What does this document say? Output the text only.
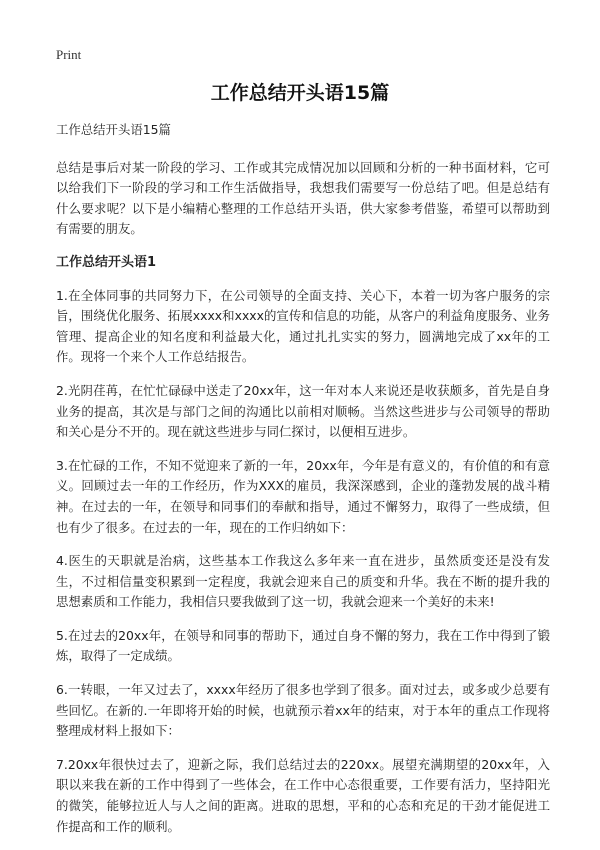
Print
工作总结开头语15篇

工作总结开头语15篇

总结是事后对某一阶段的学习、工作或其完成情况加以回顾和分析的一种书面材料，它可以给我们下一阶段的学习和工作生活做指导，我想我们需要写一份总结了吧。但是总结有什么要求呢？以下是小编精心整理的工作总结开头语，供大家参考借鉴，希望可以帮助到有需要的朋友。

工作总结开头语1

1.在全体同事的共同努力下，在公司领导的全面支持、关心下，本着一切为客户服务的宗旨，围绕优化服务、拓展xxxx和xxxx的宣传和信息的功能，从客户的利益角度服务、业务管理、提高企业的知名度和利益最大化，通过扎扎实实的努力，圆满地完成了xx年的工作。现将一个来个人工作总结报告。

2.光阴荏苒，在忙忙碌碌中送走了20xx年，这一年对本人来说还是收获颇多，首先是自身业务的提高，其次是与部门之间的沟通比以前相对顺畅。当然这些进步与公司领导的帮助和关心是分不开的。现在就这些进步与同仁探讨，以便相互进步。

3.在忙碌的工作，不知不觉迎来了新的一年，20xx年，今年是有意义的，有价值的和有意义。回顾过去一年的工作经历，作为XXX的雇员，我深深感到，企业的蓬勃发展的战斗精神。在过去的一年，在领导和同事们的奉献和指导，通过不懈努力，取得了一些成绩，但也有少了很多。在过去的一年，现在的工作归纳如下：

4.医生的天职就是治病，这些基本工作我这么多年来一直在进步，虽然质变还是没有发生，不过相信量变积累到一定程度，我就会迎来自己的质变和升华。我在不断的提升我的思想素质和工作能力，我相信只要我做到了这一切，我就会迎来一个美好的未来!

5.在过去的20xx年，在领导和同事的帮助下，通过自身不懈的努力，我在工作中得到了锻炼，取得了一定成绩。

6.一转眼，一年又过去了，xxxx年经历了很多也学到了很多。面对过去，或多或少总要有些回忆。在新的.一年即将开始的时候，也就预示着xx年的结束，对于本年的重点工作现将整理成材料上报如下：

7.20xx年很快过去了，迎新之际，我们总结过去的220xx。展望充满期望的20xx年，入职以来我在新的工作中得到了一些体会，在工作中心态很重要，工作要有活力，坚持阳光的微笑，能够拉近人与人之间的距离。进取的思想，平和的心态和充足的干劲才能促进工作提高和工作的顺利。
